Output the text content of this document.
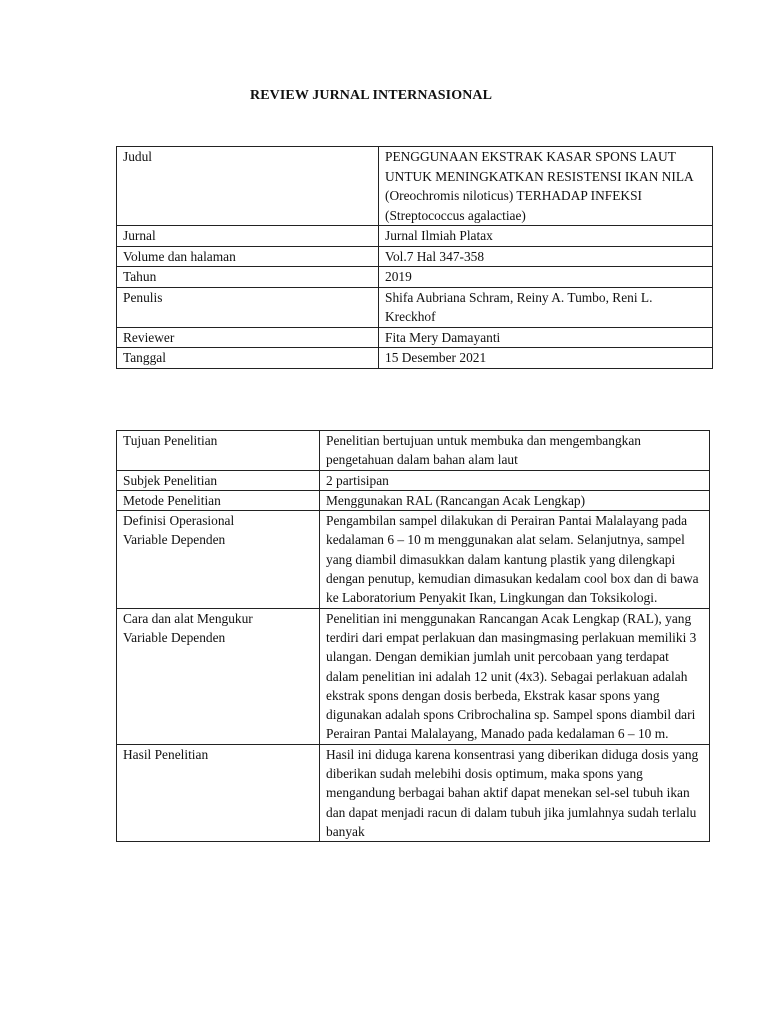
REVIEW JURNAL INTERNASIONAL
Judul	PENGGUNAAN EKSTRAK KASAR SPONS LAUT UNTUK MENINGKATKAN RESISTENSI IKAN NILA (Oreochromis niloticus) TERHADAP INFEKSI (Streptococcus agalactiae)
Jurnal	Jurnal Ilmiah Platax
Volume dan halaman	Vol.7 Hal 347-358
Tahun	2019
Penulis	Shifa Aubriana Schram, Reiny A. Tumbo, Reni L. Kreckhof
Reviewer	Fita Mery Damayanti
Tanggal	15 Desember 2021
Tujuan Penelitian	Penelitian bertujuan untuk membuka dan mengembangkan pengetahuan dalam bahan alam laut
Subjek Penelitian	2 partisipan
Metode Penelitian	Menggunakan RAL (Rancangan Acak Lengkap)
Definisi Operasional Variable Dependen	Pengambilan sampel dilakukan di Perairan Pantai Malalayang pada kedalaman 6 – 10 m menggunakan alat selam. Selanjutnya, sampel yang diambil dimasukkan dalam kantung plastik yang dilengkapi dengan penutup, kemudian dimasukan kedalam cool box dan di bawa ke Laboratorium Penyakit Ikan, Lingkungan dan Toksikologi.
Cara dan alat Mengukur Variable Dependen	Penelitian ini menggunakan Rancangan Acak Lengkap (RAL), yang terdiri dari empat perlakuan dan masingmasing perlakuan memiliki 3 ulangan. Dengan demikian jumlah unit percobaan yang terdapat dalam penelitian ini adalah 12 unit (4x3). Sebagai perlakuan adalah ekstrak spons dengan dosis berbeda, Ekstrak kasar spons yang digunakan adalah spons Cribrochalina sp. Sampel spons diambil dari Perairan Pantai Malalayang, Manado pada kedalaman 6 – 10 m.
Hasil Penelitian	Hasil ini diduga karena konsentrasi yang diberikan diduga dosis yang diberikan sudah melebihi dosis optimum, maka spons yang mengandung berbagai bahan aktif dapat menekan sel-sel tubuh ikan dan dapat menjadi racun di dalam tubuh jika jumlahnya sudah terlalu banyak
